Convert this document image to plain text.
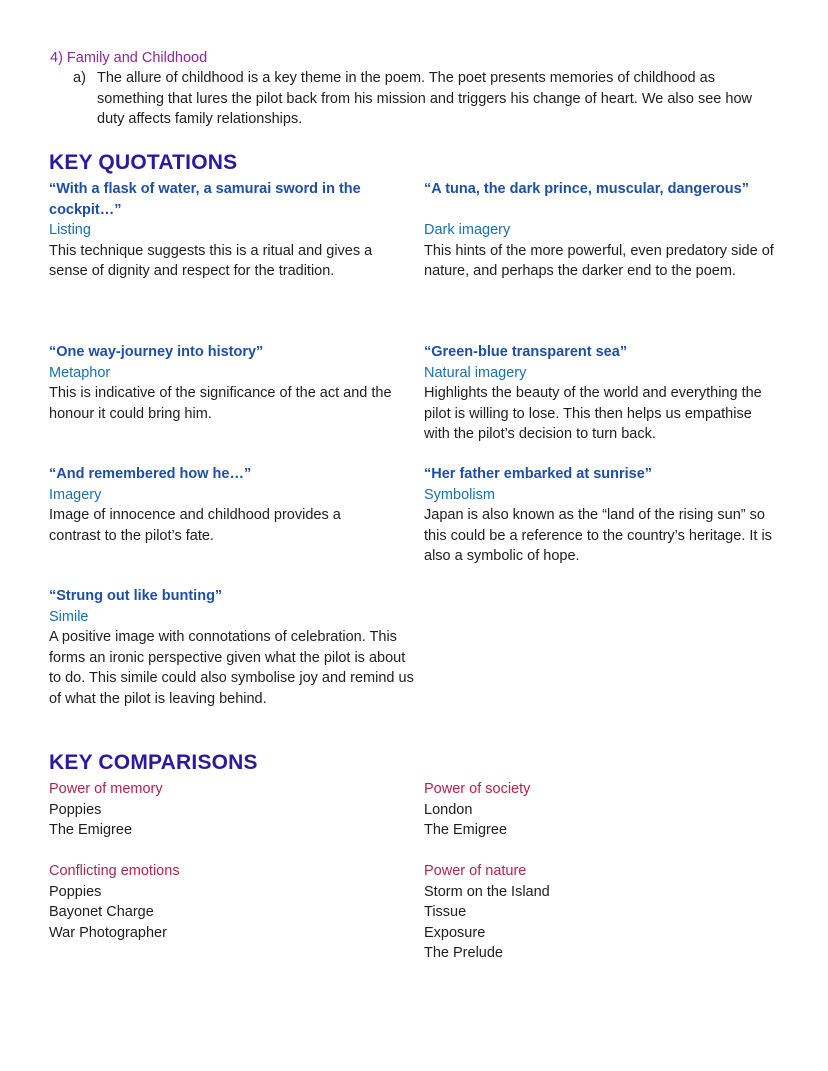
4) Family and Childhood
a) The allure of childhood is a key theme in the poem. The poet presents memories of childhood as something that lures the pilot back from his mission and triggers his change of heart. We also see how duty affects family relationships.
KEY QUOTATIONS
“With a flask of water, a samurai sword in the cockpit…”
Listing
This technique suggests this is a ritual and gives a sense of dignity and respect for the tradition.
“A tuna, the dark prince, muscular, dangerous”
Dark imagery
This hints of the more powerful, even predatory side of nature, and perhaps the darker end to the poem.
“One way-journey into history”
Metaphor
This is indicative of the significance of the act and the honour it could bring him.
“Green-blue transparent sea”
Natural imagery
Highlights the beauty of the world and everything the pilot is willing to lose. This then helps us empathise with the pilot’s decision to turn back.
“And remembered how he…”
Imagery
Image of innocence and childhood provides a contrast to the pilot’s fate.
“Her father embarked at sunrise”
Symbolism
Japan is also known as the “land of the rising sun” so this could be a reference to the country’s heritage. It is also a symbolic of hope.
“Strung out like bunting”
Simile
A positive image with connotations of celebration. This forms an ironic perspective given what the pilot is about to do. This simile could also symbolise joy and remind us of what the pilot is leaving behind.
KEY COMPARISONS
Power of memory
Poppies
The Emigree
Power of society
London
The Emigree
Conflicting emotions
Poppies
Bayonet Charge
War Photographer
Power of nature
Storm on the Island
Tissue
Exposure
The Prelude
